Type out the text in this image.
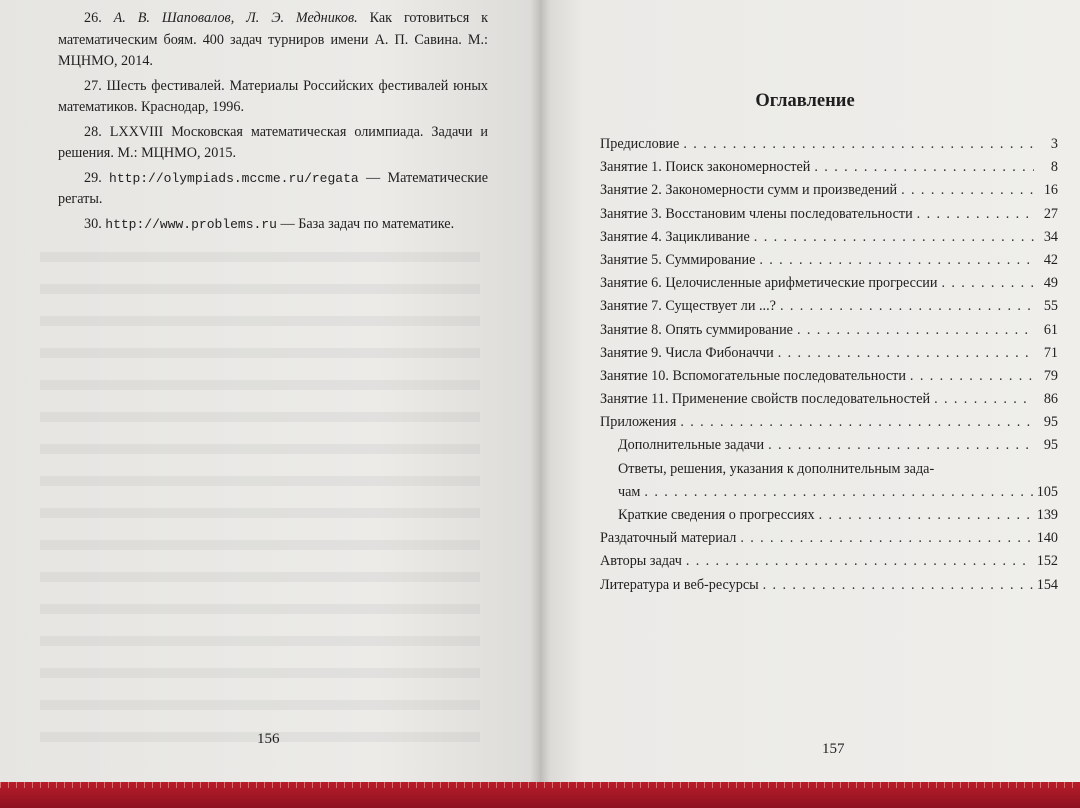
26. А. В. Шаповалов, Л. Э. Медников. Как готовиться к математическим боям. 400 задач турниров имени А. П. Савина. М.: МЦНМО, 2014.

27. Шесть фестивалей. Материалы Российских фестивалей юных математиков. Краснодар, 1996.

28. LXXVIII Московская математическая олимпиада. Задачи и решения. М.: МЦНМО, 2015.

29. http://olympiads.mccme.ru/regata — Математические регаты.

30. http://www.problems.ru — База задач по математике.

156
Оглавление
Предисловие . . .	3
Занятие 1. Поиск закономерностей . . .	8
Занятие 2. Закономерности сумм и произведений . . .	16
Занятие 3. Восстановим члены последовательности . . .	27
Занятие 4. Зацикливание . . .	34
Занятие 5. Суммирование . . .	42
Занятие 6. Целочисленные арифметические прогрессии . . .	49
Занятие 7. Существует ли ...? . . .	55
Занятие 8. Опять суммирование . . .	61
Занятие 9. Числа Фибоначчи . . .	71
Занятие 10. Вспомогательные последовательности . . .	79
Занятие 11. Применение свойств последовательностей . . .	86
Приложения . . .	95
Дополнительные задачи . . .	95
Ответы, решения, указания к дополнительным зада-
чам . . .	105
Краткие сведения о прогрессиях . . .	139
Раздаточный материал . . .	140
Авторы задач . . .	152
Литература и веб-ресурсы . . .	154
157
